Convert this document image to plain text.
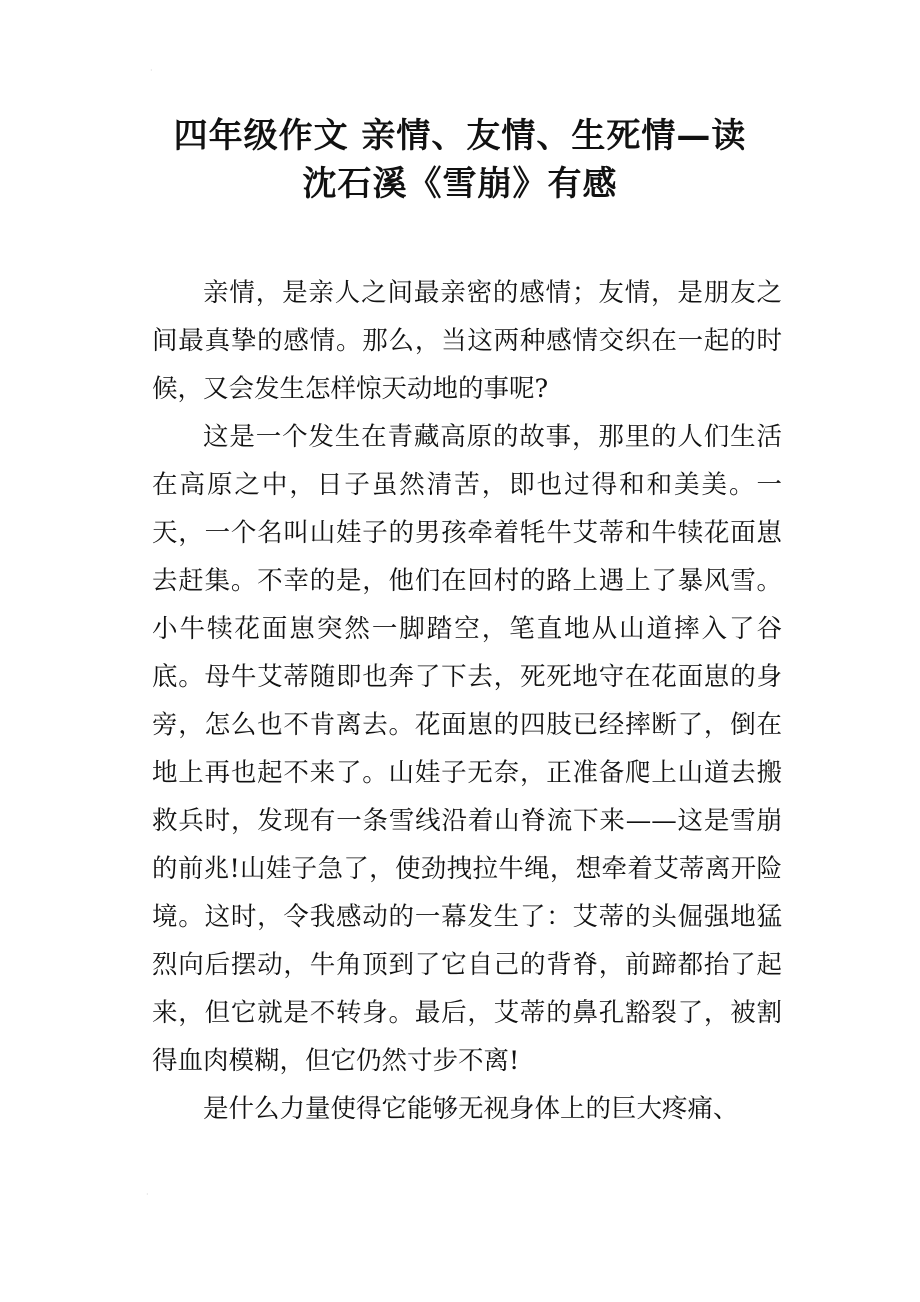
·
四年级作文 亲情、友情、生死情—读
沈石溪《雪崩》有感

亲情，是亲人之间最亲密的感情；友情，是朋友之间最真挚的感情。那么，当这两种感情交织在一起的时候，又会发生怎样惊天动地的事呢?

这是一个发生在青藏高原的故事，那里的人们生活在高原之中，日子虽然清苦，即也过得和和美美。一天，一个名叫山娃子的男孩牵着牦牛艾蒂和牛犊花面崽去赶集。不幸的是，他们在回村的路上遇上了暴风雪。小牛犊花面崽突然一脚踏空，笔直地从山道摔入了谷底。母牛艾蒂随即也奔了下去，死死地守在花面崽的身旁，怎么也不肯离去。花面崽的四肢已经摔断了，倒在地上再也起不来了。山娃子无奈，正准备爬上山道去搬救兵时，发现有一条雪线沿着山脊流下来——这是雪崩的前兆!山娃子急了，使劲拽拉牛绳，想牵着艾蒂离开险境。这时，令我感动的一幕发生了：艾蒂的头倔强地猛烈向后摆动，牛角顶到了它自己的背脊，前蹄都抬了起来，但它就是不转身。最后，艾蒂的鼻孔豁裂了，被割得血肉模糊，但它仍然寸步不离!

是什么力量使得它能够无视身体上的巨大疼痛、

·
